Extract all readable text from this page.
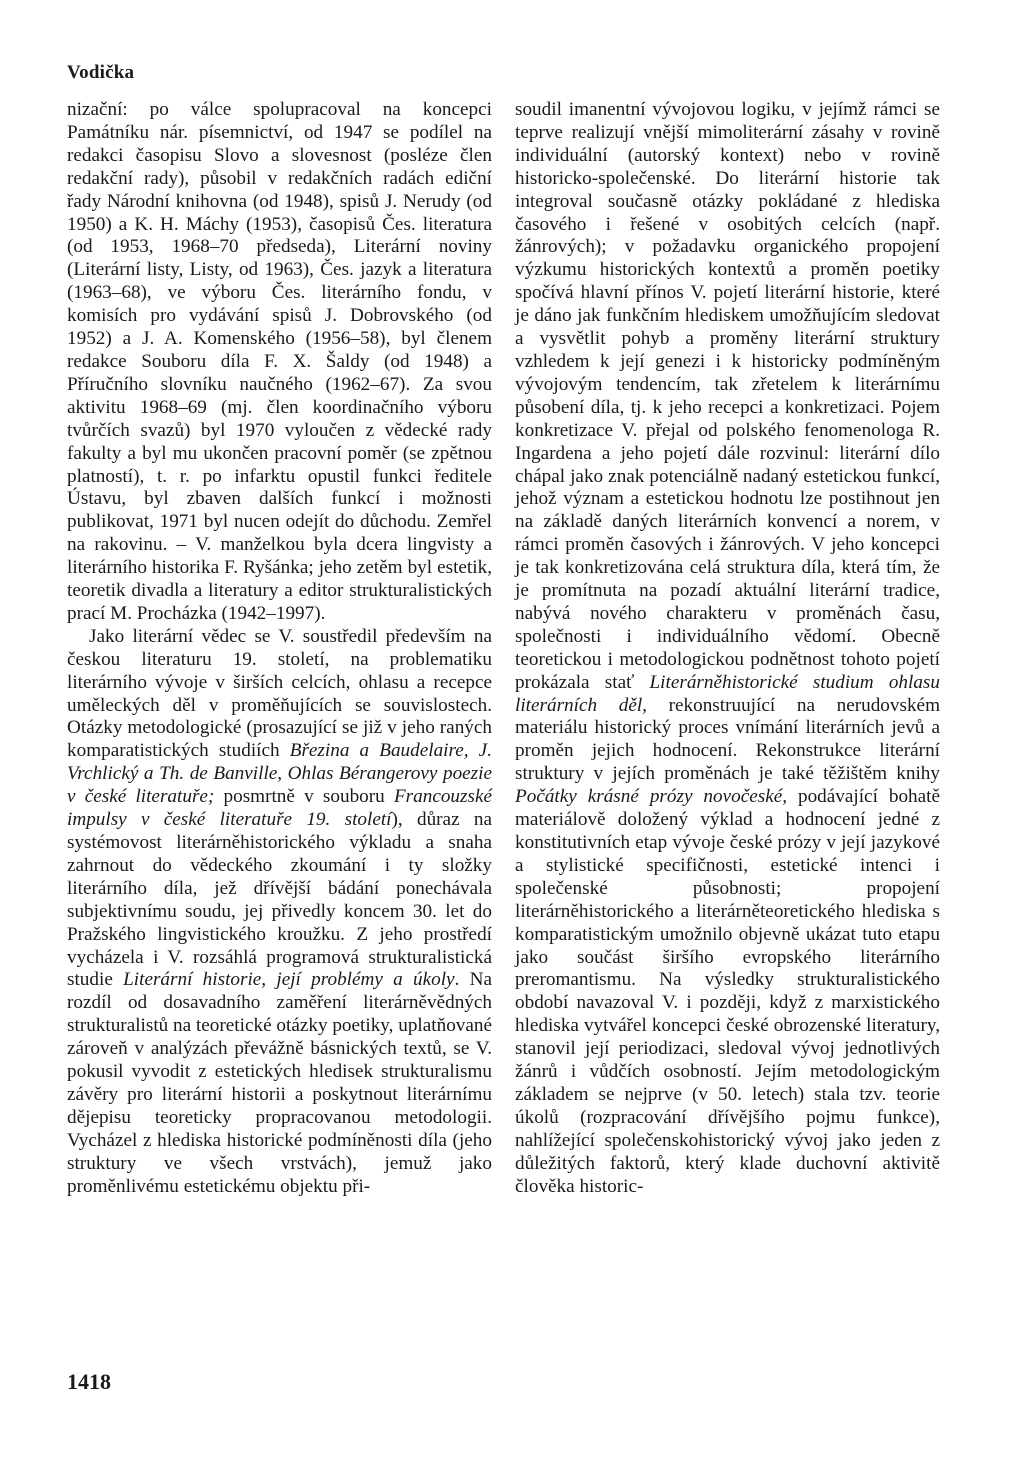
Vodička

nizační: po válce spolupracoval na koncepci Památníku nár. písemnictví, od 1947 se podílel na redakci časopisu Slovo a slovesnost (posléze člen redakční rady), působil v redakčních radách ediční řady Národní knihovna (od 1948), spisů J. Nerudy (od 1950) a K. H. Máchy (1953), časopisů Čes. literatura (od 1953, 1968–70 předseda), Literární noviny (Literární listy, Listy, od 1963), Čes. jazyk a literatura (1963–68), ve výboru Čes. literárního fondu, v komisích pro vydávání spisů J. Dobrovského (od 1952) a J. A. Komenského (1956–58), byl členem redakce Souboru díla F. X. Šaldy (od 1948) a Příručního slovníku naučného (1962–67). Za svou aktivitu 1968–69 (mj. člen koordinačního výboru tvůrčích svazů) byl 1970 vyloučen z vědecké rady fakulty a byl mu ukončen pracovní poměr (se zpětnou platností), t. r. po infarktu opustil funkci ředitele Ústavu, byl zbaven dalších funkcí i možnosti publikovat, 1971 byl nucen odejít do důchodu. Zemřel na rakovinu. – V. manželkou byla dcera lingvisty a literárního historika F. Ryšánka; jeho zetěm byl estetik, teoretik divadla a literatury a editor strukturalistických prací M. Procházka (1942–1997).

Jako literární vědec se V. soustředil především na českou literaturu 19. století, na problematiku literárního vývoje v širších celcích, ohlasu a recepce uměleckých děl v proměňujících se souvislostech. Otázky metodologické (prosazující se již v jeho raných komparatistických studiích Březina a Baudelaire, J. Vrchlický a Th. de Banville, Ohlas Bérangerovy poezie v české literatuře; posmrtně v souboru Francouzské impulsy v české literatuře 19. století), důraz na systémovost literárněhistorického výkladu a snaha zahrnout do vědeckého zkoumání i ty složky literárního díla, jež dřívější bádání ponechávala subjektivnímu soudu, jej přivedly koncem 30. let do Pražského lingvistického kroužku. Z jeho prostředí vycházela i V. rozsáhlá programová strukturalistická studie Literární historie, její problémy a úkoly. Na rozdíl od dosavadního zaměření literárněvědných strukturalistů na teoretické otázky poetiky, uplatňované zároveň v analýzách převážně básnických textů, se V. pokusil vyvodit z estetických hledisek strukturalismu závěry pro literární historii a poskytnout literárnímu dějepisu teoreticky propracovanou metodologii. Vycházel z hlediska historické podmíněnosti díla (jeho struktury ve všech vrstvách), jemuž jako proměnlivému estetickému objektu při-

soudil imanentní vývojovou logiku, v jejímž rámci se teprve realizují vnější mimoliterární zásahy v rovině individuální (autorský kontext) nebo v rovině historicko-společenské. Do literární historie tak integroval současně otázky pokládané z hlediska časového i řešené v osobitých celcích (např. žánrových); v požadavku organického propojení výzkumu historických kontextů a proměn poetiky spočívá hlavní přínos V. pojetí literární historie, které je dáno jak funkčním hlediskem umožňujícím sledovat a vysvětlit pohyb a proměny literární struktury vzhledem k její genezi i k historicky podmíněným vývojovým tendencím, tak zřetelem k literárnímu působení díla, tj. k jeho recepci a konkretizaci. Pojem konkretizace V. přejal od polského fenomenologa R. Ingardena a jeho pojetí dále rozvinul: literární dílo chápal jako znak potenciálně nadaný estetickou funkcí, jehož význam a estetickou hodnotu lze postihnout jen na základě daných literárních konvencí a norem, v rámci proměn časových i žánrových. V jeho koncepci je tak konkretizována celá struktura díla, která tím, že je promítnuta na pozadí aktuální literární tradice, nabývá nového charakteru v proměnách času, společnosti i individuálního vědomí. Obecně teoretickou i metodologickou podnětnost tohoto pojetí prokázala stať Literárněhistorické studium ohlasu literárních děl, rekonstruující na nerudovském materiálu historický proces vnímání literárních jevů a proměn jejich hodnocení. Rekonstrukce literární struktury v jejích proměnách je také těžištěm knihy Počátky krásné prózy novočeské, podávající bohatě materiálově doložený výklad a hodnocení jedné z konstitutivních etap vývoje české prózy v její jazykové a stylistické specifičnosti, estetické intenci i společenské působnosti; propojení literárněhistorického a literárněteoretického hlediska s komparatistickým umožnilo objevně ukázat tuto etapu jako součást širšího evropského literárního preromantismu. Na výsledky strukturalistického období navazoval V. i později, když z marxistického hlediska vytvářel koncepci české obrozenské literatury, stanovil její periodizaci, sledoval vývoj jednotlivých žánrů i vůdčích osobností. Jejím metodologickým základem se nejprve (v 50. letech) stala tzv. teorie úkolů (rozpracování dřívějšího pojmu funkce), nahlížející společenskohistorický vývoj jako jeden z důležitých faktorů, který klade duchovní aktivitě člověka historic-

1418
